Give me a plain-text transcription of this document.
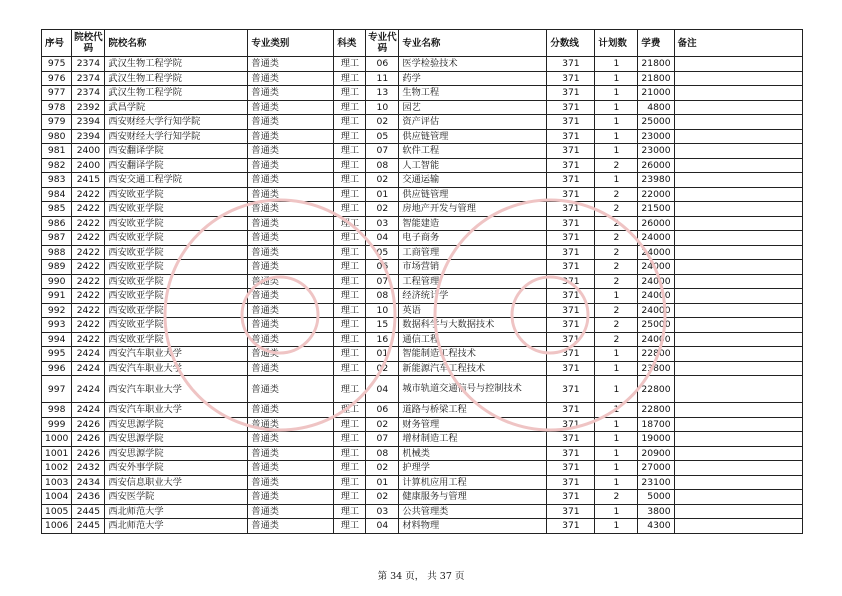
序号	院校代码	院校名称	专业类别	科类	专业代码	专业名称	分数线	计划数	学费	备注
975	2374	武汉生物工程学院	普通类	理工	06	医学检验技术	371	1	21800	
976	2374	武汉生物工程学院	普通类	理工	11	药学	371	1	21800	
977	2374	武汉生物工程学院	普通类	理工	13	生物工程	371	1	21000	
978	2392	武昌学院	普通类	理工	10	园艺	371	1	4800	
979	2394	西安财经大学行知学院	普通类	理工	02	资产评估	371	1	25000	
980	2394	西安财经大学行知学院	普通类	理工	05	供应链管理	371	1	23000	
981	2400	西安翻译学院	普通类	理工	07	软件工程	371	1	23000	
982	2400	西安翻译学院	普通类	理工	08	人工智能	371	2	26000	
983	2415	西安交通工程学院	普通类	理工	02	交通运输	371	1	23980	
984	2422	西安欧亚学院	普通类	理工	01	供应链管理	371	2	22000	
985	2422	西安欧亚学院	普通类	理工	02	房地产开发与管理	371	2	21500	
986	2422	西安欧亚学院	普通类	理工	03	智能建造	371	2	26000	
987	2422	西安欧亚学院	普通类	理工	04	电子商务	371	2	24000	
988	2422	西安欧亚学院	普通类	理工	05	工商管理	371	2	24000	
989	2422	西安欧亚学院	普通类	理工	06	市场营销	371	2	24000	
990	2422	西安欧亚学院	普通类	理工	07	工程管理	371	2	24000	
991	2422	西安欧亚学院	普通类	理工	08	经济统计学	371	1	24000	
992	2422	西安欧亚学院	普通类	理工	10	英语	371	2	24000	
993	2422	西安欧亚学院	普通类	理工	15	数据科学与大数据技术	371	2	25000	
994	2422	西安欧亚学院	普通类	理工	16	通信工程	371	2	24000	
995	2424	西安汽车职业大学	普通类	理工	01	智能制造工程技术	371	1	22800	
996	2424	西安汽车职业大学	普通类	理工	02	新能源汽车工程技术	371	1	23800	
997	2424	西安汽车职业大学	普通类	理工	04	城市轨道交通信号与控制技术	371	1	22800	
998	2424	西安汽车职业大学	普通类	理工	06	道路与桥梁工程	371	1	22800	
999	2426	西安思源学院	普通类	理工	02	财务管理	371	1	18700	
1000	2426	西安思源学院	普通类	理工	07	增材制造工程	371	1	19000	
1001	2426	西安思源学院	普通类	理工	08	机械类	371	1	20900	
1002	2432	西安外事学院	普通类	理工	02	护理学	371	1	27000	
1003	2434	西安信息职业大学	普通类	理工	01	计算机应用工程	371	1	23100	
1004	2436	西安医学院	普通类	理工	02	健康服务与管理	371	2	5000	
1005	2445	西北师范大学	普通类	理工	03	公共管理类	371	1	3800	
1006	2445	西北师范大学	普通类	理工	04	材料物理	371	1	4300	
第 34 页， 共 37 页
